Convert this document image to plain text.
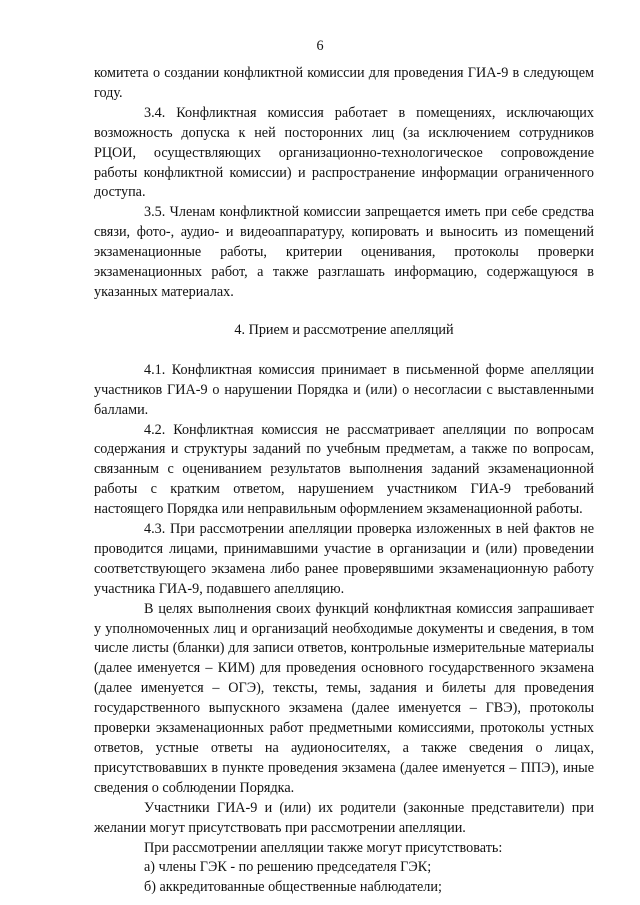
6

комитета о создании конфликтной комиссии для проведения ГИА-9 в следующем году.

3.4. Конфликтная комиссия работает в помещениях, исключающих возможность допуска к ней посторонних лиц (за исключением сотрудников РЦОИ, осуществляющих организационно-технологическое сопровождение работы конфликтной комиссии) и распространение информации ограниченного доступа.

3.5. Членам конфликтной комиссии запрещается иметь при себе средства связи, фото-, аудио- и видеоаппаратуру, копировать и выносить из помещений экзаменационные работы, критерии оценивания, протоколы проверки экзаменационных работ, а также разглашать информацию, содержащуюся в указанных материалах.

4. Прием и рассмотрение апелляций

4.1. Конфликтная комиссия принимает в письменной форме апелляции участников ГИА-9 о нарушении Порядка и (или) о несогласии с выставленными баллами.

4.2. Конфликтная комиссия не рассматривает апелляции по вопросам содержания и структуры заданий по учебным предметам, а также по вопросам, связанным с оцениванием результатов выполнения заданий экзаменационной работы с кратким ответом, нарушением участником ГИА-9 требований настоящего Порядка или неправильным оформлением экзаменационной работы.

4.3. При рассмотрении апелляции проверка изложенных в ней фактов не проводится лицами, принимавшими участие в организации и (или) проведении соответствующего экзамена либо ранее проверявшими экзаменационную работу участника ГИА-9, подавшего апелляцию.

В целях выполнения своих функций конфликтная комиссия запрашивает у уполномоченных лиц и организаций необходимые документы и сведения, в том числе листы (бланки) для записи ответов, контрольные измерительные материалы (далее именуется – КИМ) для проведения основного государственного экзамена (далее именуется – ОГЭ), тексты, темы, задания и билеты для проведения государственного выпускного экзамена (далее именуется – ГВЭ), протоколы проверки экзаменационных работ предметными комиссиями, протоколы устных ответов, устные ответы на аудионосителях, а также сведения о лицах, присутствовавших в пункте проведения экзамена (далее именуется – ППЭ), иные сведения о соблюдении Порядка.

Участники ГИА-9 и (или) их родители (законные представители) при желании могут присутствовать при рассмотрении апелляции.

При рассмотрении апелляции также могут присутствовать:

а) члены ГЭК - по решению председателя ГЭК;

б) аккредитованные общественные наблюдатели;
